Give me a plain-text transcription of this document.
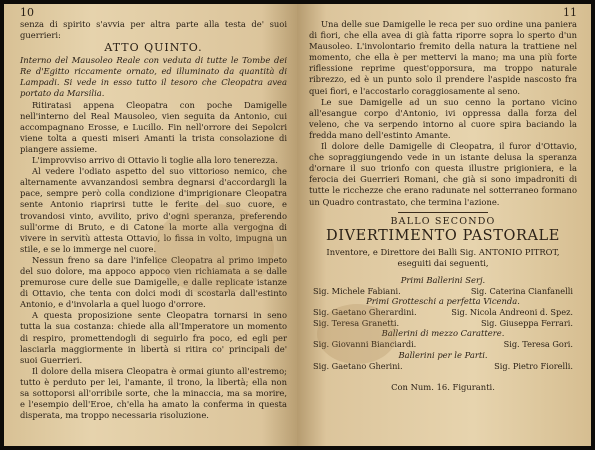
10

senza di spirito s'avvia per altra parte alla testa de' suoi guerrieri:

ATTO QUINTO.

Interno del Mausoleo Reale con veduta di tutte le Tombe dei Re d'Egitto riccamente ornato, ed illuminato da quantità di Lampadi. Si vede in esso tutto il tesoro che Cleopatra avea portato da Marsilia.

Ritiratasi appena Cleopatra con poche Damigelle nell'interno del Real Mausoleo, vien seguita da Antonio, cui accompagnano Erosse, e Lucillo. Fin nell'orrore dei Sepolcri viene tolta a questi miseri Amanti la trista consolazione di piangere assieme.

L'improvviso arrivo di Ottavio li toglie alla loro tenerezza.

Al vedere l'odiato aspetto del suo vittorioso nemico, che alternamente avvanzandosi sembra degnarsi d'accordargli la pace, sempre però colla condizione d'imprigionare Cleopatra sente Antonio riaprirsi tutte le ferite del suo cuore, e trovandosi vinto, avvilito, privo d'ogni speranza, preferendo sull'orme di Bruto, e di Catone la morte alla vergogna di vivere in servitù attesta Ottavio, lo fissa in volto, impugna un stile, e se lo immerge nel cuore.

Nessun freno sa dare l'infelice Cleopatra al primo impeto del suo dolore, ma appoco appoco vien richiamata a se dalle premurose cure delle sue Damigelle, e dalle replicate istanze di Ottavio, che tenta con dolci modi di scostarla dall'estinto Antonio, e d'involarla a quel luogo d'orrore.

A questa proposizione sente Cleopatra tornarsi in seno tutta la sua costanza: chiede alla all'Imperatore un momento di respiro, promettendogli di seguirlo fra poco, ed egli per lasciarla maggiormente in libertà si ritira co' principali de' suoi Guerrieri.

Il dolore della misera Cleopatra è ormai giunto all'estremo; tutto è perduto per lei, l'amante, il trono, la libertà; ella non sa sottoporsi all'orribile sorte, che la minaccia, ma sa morire, e l'esempio dell'Eroe, ch'ella ha amato la conferma in questa disperata, ma troppo necessaria risoluzione.

11

Una delle sue Damigelle le reca per suo ordine una paniera di fiori, che ella avea di già fatta riporre sopra lo sperto d'un Mausoleo. L'involontario fremito della natura la trattiene nel momento, che ella è per mettervi la mano; ma una più forte riflessione reprime quest'opporsura, ma troppo naturale ribrezzo, ed è un punto solo il prendere l'aspide nascosto fra quei fiori, e l'accostarlo coraggiosamente al seno.

Le sue Damigelle ad un suo cenno la portano vicino all'esangue corpo d'Antonio, ivi oppressa dalla forza del veleno, che va serpendo intorno al cuore spira baciando la fredda mano dell'estinto Amante.

Il dolore delle Damigelle di Cleopatra, il furor d'Ottavio, che sopraggiungendo vede in un istante delusa la speranza d'ornare il suo trionfo con questa illustre prigioniera, e la ferocia dei Guerrieri Romani, che già si sono impadroniti di tutte le ricchezze che erano radunate nel sotterraneo formano un Quadro contrastato, che termina l'azione.

BALLO SECONDO

DIVERTIMENTO PASTORALE

Inventore, e Direttore dei Balli Sig. ANTONIO PITROT, eseguiti dai seguenti,

Primi Ballerini Serj.

Sig. Michele Fabiani.	Sig. Caterina Cianfanelli

Primi Grotteschi a perfetta Vicenda.

Sig. Gaetano Gherardini.	Sig. Nicola Andreoni d. Spez.
Sig. Teresa Granetti.	Sig. Giuseppa Ferrari.

Ballerini di mezzo Carattere.

Sig. Giovanni Bianciardi.	Sig. Teresa Gori.

Ballerini per le Parti.

Sig. Gaetano Gherini.	Sig. Pietro Fiorelli.

Con Num. 16. Figuranti.
